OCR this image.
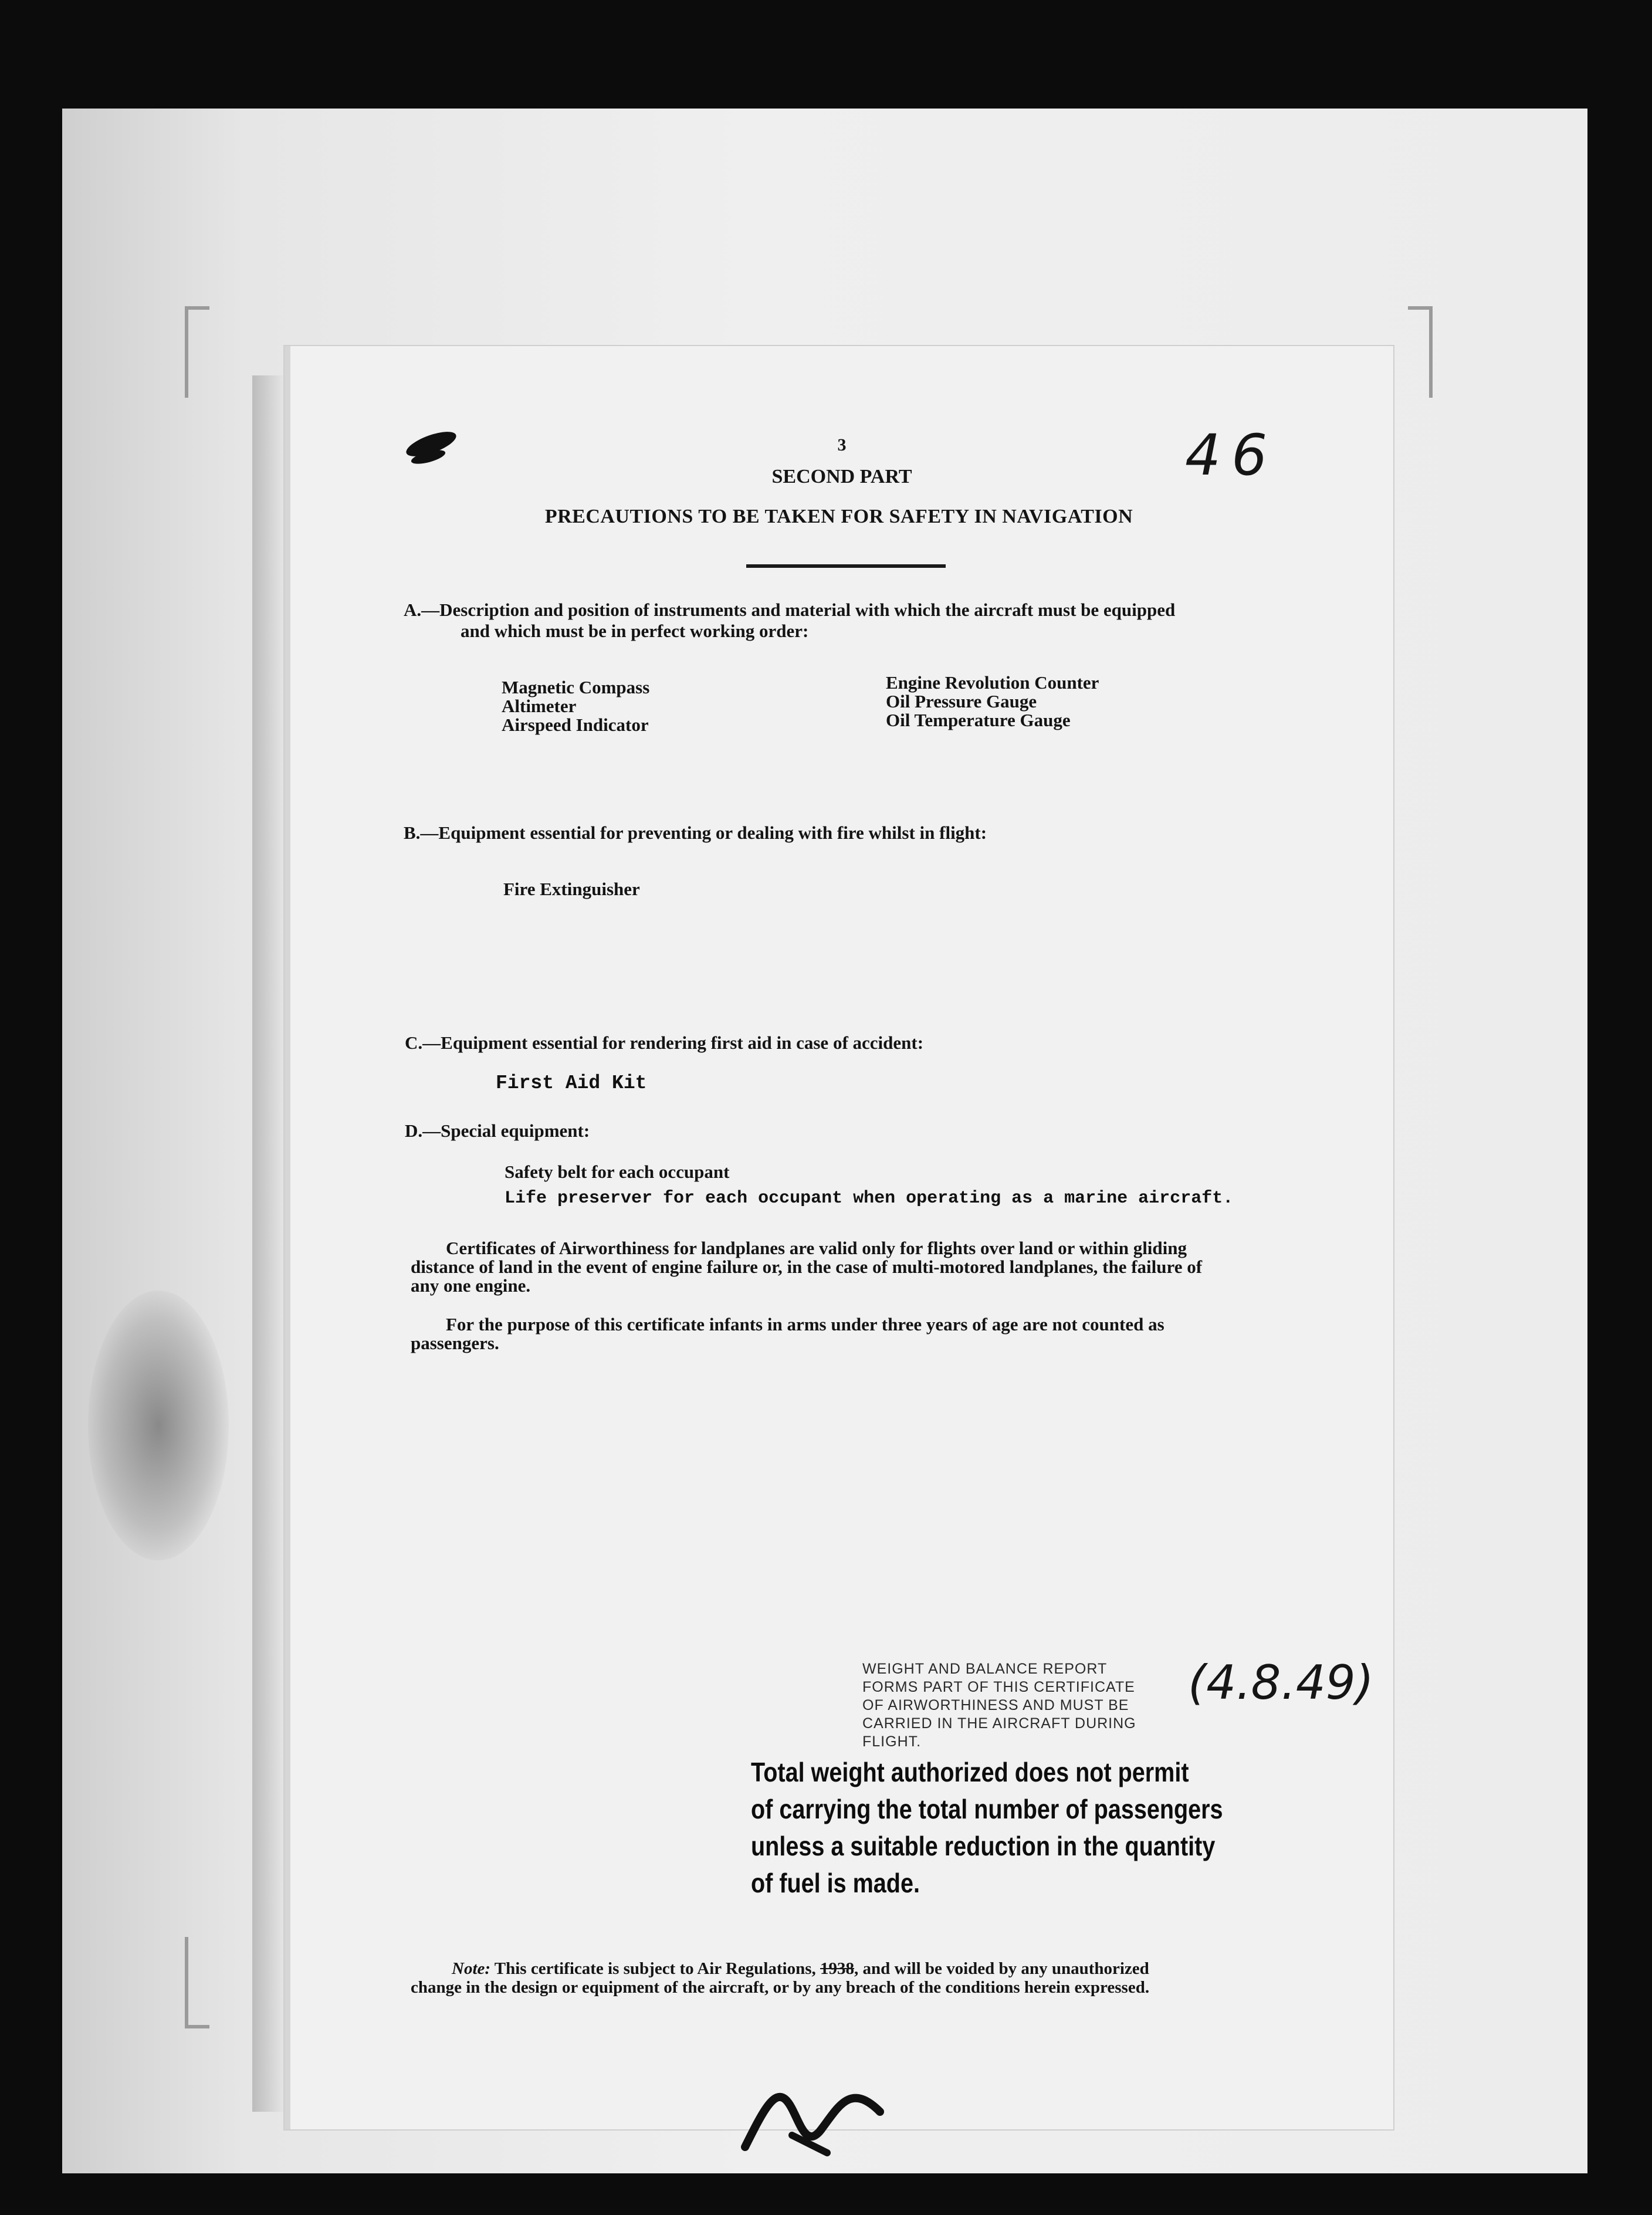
3
SECOND PART
PRECAUTIONS TO BE TAKEN FOR SAFETY IN NAVIGATION
46
A.—Description and position of instruments and material with which the aircraft must be equipped
and which must be in perfect working order:
Magnetic Compass
Altimeter
Airspeed Indicator
Engine Revolution Counter
Oil Pressure Gauge
Oil Temperature Gauge
B.—Equipment essential for preventing or dealing with fire whilst in flight:
Fire Extinguisher
C.—Equipment essential for rendering first aid in case of accident:
First Aid Kit
D.—Special equipment:
Safety belt for each occupant
Life preserver for each occupant when operating as a marine aircraft.
Certificates of Airworthiness for landplanes are valid only for flights over land or within gliding
distance of land in the event of engine failure or, in the case of multi-motored landplanes, the failure of
any one engine.
For the purpose of this certificate infants in arms under three years of age are not counted as
passengers.
WEIGHT AND BALANCE REPORT
FORMS PART OF THIS CERTIFICATE
OF AIRWORTHINESS AND MUST BE
CARRIED IN THE AIRCRAFT DURING
FLIGHT.
(4.8.49)
Total weight authorized does not permit
of carrying the total number of passengers
unless a suitable reduction in the quantity
of fuel is made.
Note: This certificate is subject to Air Regulations, 1938, and will be voided by any unauthorized
change in the design or equipment of the aircraft, or by any breach of the conditions herein expressed.
